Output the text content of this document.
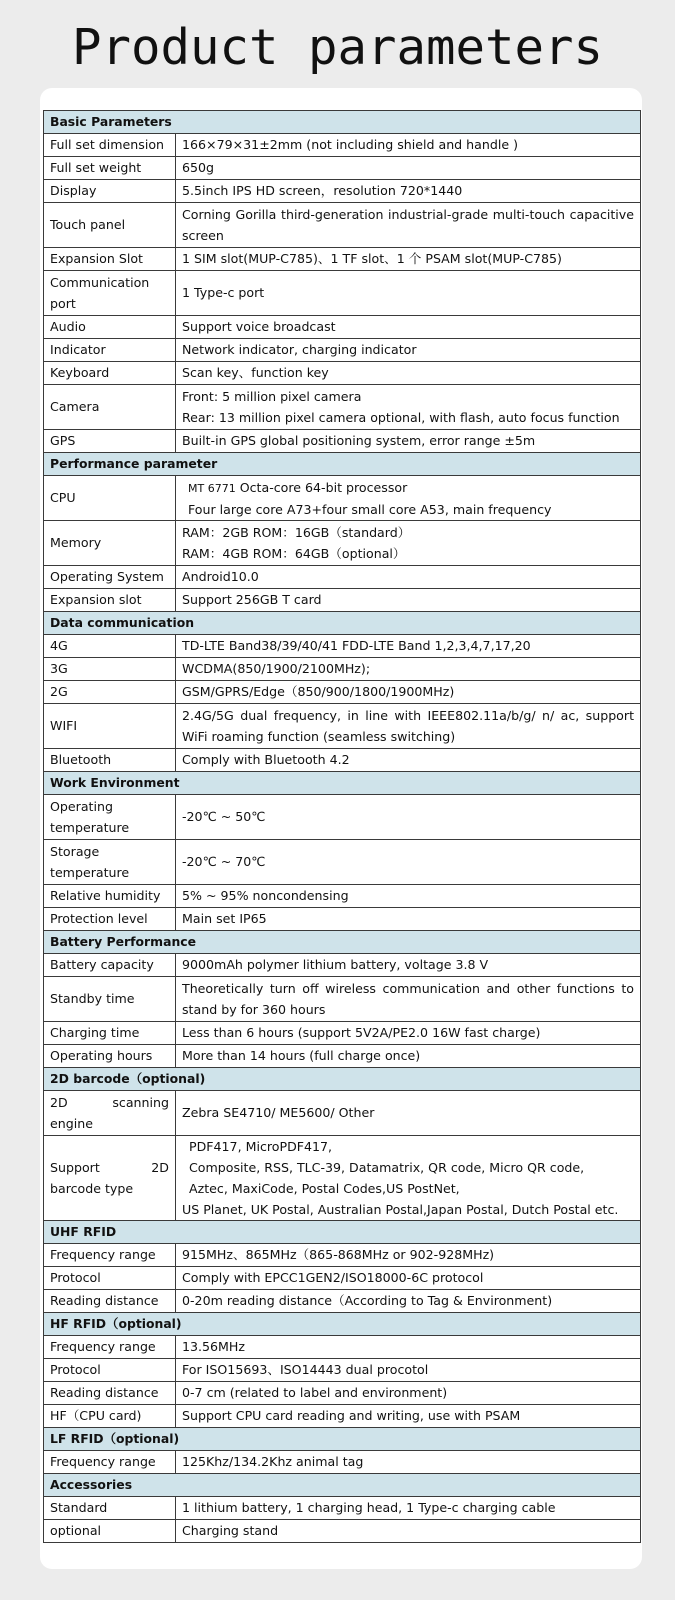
Product parameters
Basic Parameters	
Full set dimension	166×79×31±2mm (not including shield and handle )
Full set weight	650g
Display	5.5inch IPS HD screen，resolution 720*1440
Touch panel	Corning Gorilla third-generation industrial-grade multi-touch capacitive screen
Expansion Slot	1 SIM slot(MUP-C785)、1 TF slot、1 个 PSAM slot(MUP-C785)
Communication port	1 Type-c port
Audio	Support voice broadcast
Indicator	Network indicator, charging indicator
Keyboard	Scan key、function key
Camera	Front: 5 million pixel camera
Rear: 13 million pixel camera optional, with flash, auto focus function

GPS	Built-in GPS global positioning system, error range ±5m
Performance parameter	
CPU	MT 6771 Octa-core 64-bit processor
Four large core A73+four small core A53, main frequency

Memory	RAM：2GB ROM：16GB（standard）
RAM：4GB ROM：64GB（optional）

Operating System	Android10.0
Expansion slot	Support 256GB T card
Data communication	
4G	TD-LTE Band38/39/40/41 FDD-LTE Band 1,2,3,4,7,17,20
3G	WCDMA(850/1900/2100MHz);
2G	GSM/GPRS/Edge（850/900/1800/1900MHz)
WIFI	2.4G/5G dual frequency, in line with IEEE802.11a/b/g/ n/ ac, support WiFi roaming function (seamless switching)
Bluetooth	Comply with Bluetooth 4.2
Work Environment	
Operating temperature	-20℃ ~ 50℃
Storage temperature	-20℃ ~ 70℃
Relative humidity	5% ~ 95% noncondensing
Protection level	Main set IP65
Battery Performance	
Battery capacity	9000mAh polymer lithium battery, voltage 3.8 V
Standby time	Theoretically turn off wireless communication and other functions to stand by for 360 hours
Charging time	Less than 6 hours (support 5V2A/PE2.0 16W fast charge)
Operating hours	More than 14 hours (full charge once)
2D barcode（optional)	
2D scanning engine	Zebra SE4710/ ME5600/ Other
Support 2D barcode type	PDF417, MicroPDF417,
Composite, RSS, TLC-39, Datamatrix, QR code, Micro QR code,
Aztec, MaxiCode, Postal Codes,US PostNet,
US Planet, UK Postal, Australian Postal,Japan Postal, Dutch Postal etc.

UHF RFID	
Frequency range	915MHz、865MHz（865-868MHz or 902-928MHz)
Protocol	Comply with EPCC1GEN2/ISO18000-6C protocol
Reading distance	0-20m reading distance（According to Tag & Environment)
HF RFID（optional)	
Frequency range	13.56MHz
Protocol	For ISO15693、ISO14443 dual procotol
Reading distance	0-7 cm (related to label and environment)
HF（CPU card)	Support CPU card reading and writing, use with PSAM
LF RFID（optional)	
Frequency range	125Khz/134.2Khz animal tag
Accessories	
Standard	1 lithium battery, 1 charging head, 1 Type-c charging cable
optional	Charging stand
